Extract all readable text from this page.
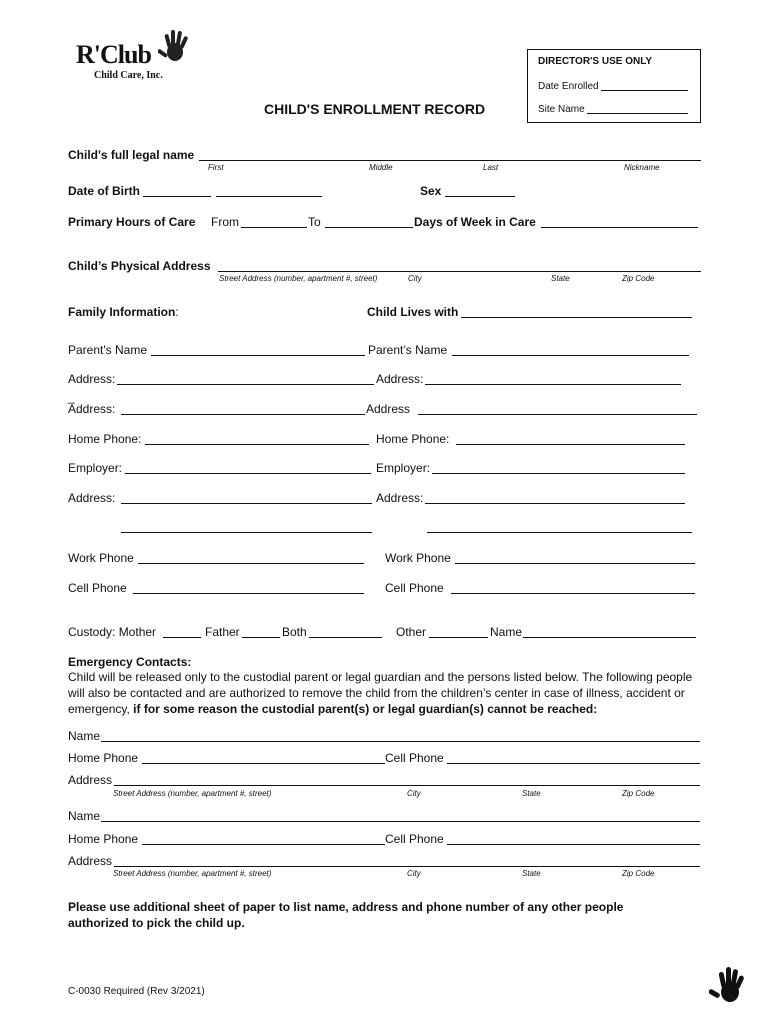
R'Club
Child Care, Inc.
CHILD'S ENROLLMENT RECORD
DIRECTOR'S USE ONLY
Date Enrolled
Site Name
Child's full legal name
First	Middle	Last	Nickname
Date of Birth	Sex
Primary Hours of Care From	To	Days of Week in Care
Child’s Physical Address
Street Address (number, apartment #, street)	City	State	Zip Code
Family Information:	Child Lives with
Parent's Name	Parent’s Name
Address:	Address:
_
Address:	Address
Home Phone:	Home Phone:
Employer:	Employer:
Address:	Address:
Work Phone	Work Phone
Cell Phone	Cell Phone
Custody: Mother	Father	Both	Other	Name
Emergency Contacts:
Child will be released only to the custodial parent or legal guardian and the persons listed below. The following people will also be contacted and are authorized to remove the child from the children’s center in case of illness, accident or emergency, if for some reason the custodial parent(s) or legal guardian(s) cannot be reached:
Name
Home Phone	Cell Phone
Address
Street Address (number, apartment #, street)	City	State	Zip Code
Name
Home Phone	Cell Phone
Address
Street Address (number, apartment #, street)	City	State	Zip Code
Please use additional sheet of paper to list name, address and phone number of any other people
authorized to pick the child up.
C-0030 Required (Rev 3/2021)
